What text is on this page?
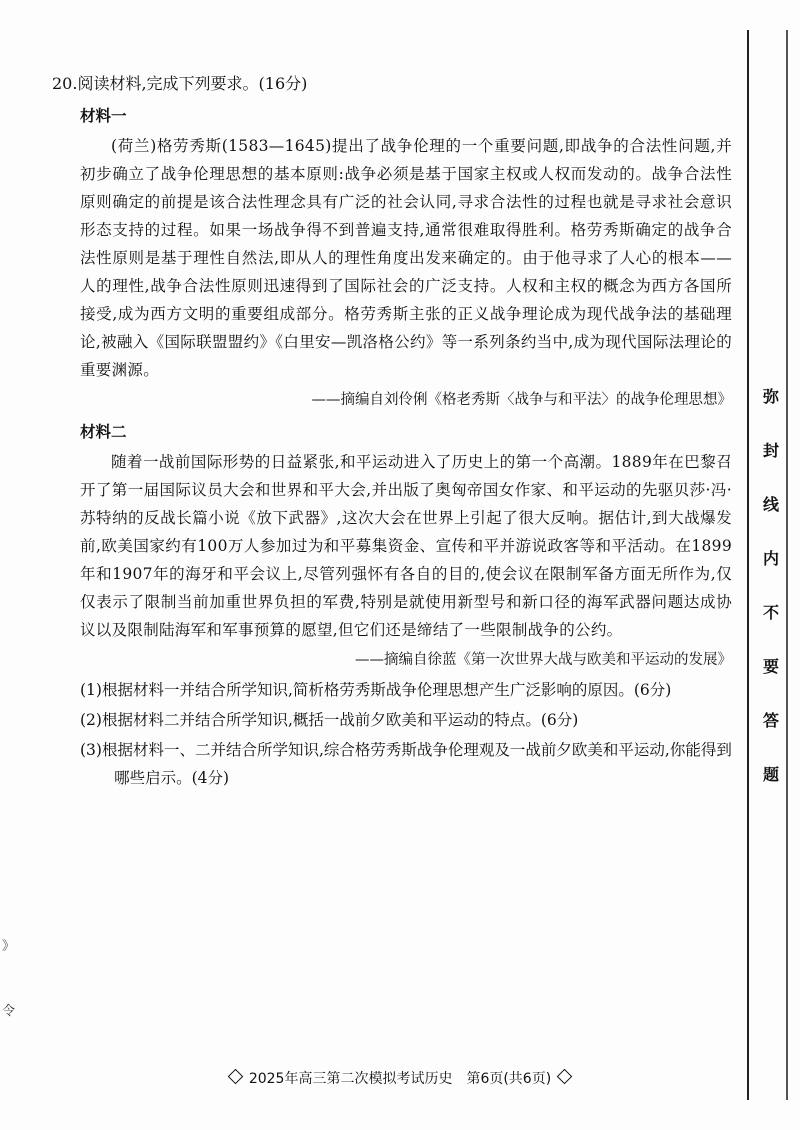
20.阅读材料,完成下列要求。(16分)

材料一

(荷兰)格劳秀斯(1583—1645)提出了战争伦理的一个重要问题,即战争的合法性问题,并初步确立了战争伦理思想的基本原则:战争必须是基于国家主权或人权而发动的。战争合法性原则确定的前提是该合法性理念具有广泛的社会认同,寻求合法性的过程也就是寻求社会意识形态支持的过程。如果一场战争得不到普遍支持,通常很难取得胜利。格劳秀斯确定的战争合法性原则是基于理性自然法,即从人的理性角度出发来确定的。由于他寻求了人心的根本——人的理性,战争合法性原则迅速得到了国际社会的广泛支持。人权和主权的概念为西方各国所接受,成为西方文明的重要组成部分。格劳秀斯主张的正义战争理论成为现代战争法的基础理论,被融入《国际联盟盟约》《白里安—凯洛格公约》等一系列条约当中,成为现代国际法理论的重要渊源。

——摘编自刘伶俐《格老秀斯〈战争与和平法〉的战争伦理思想》
材料二

随着一战前国际形势的日益紧张,和平运动进入了历史上的第一个高潮。1889年在巴黎召开了第一届国际议员大会和世界和平大会,并出版了奥匈帝国女作家、和平运动的先驱贝莎·冯·苏特纳的反战长篇小说《放下武器》,这次大会在世界上引起了很大反响。据估计,到大战爆发前,欧美国家约有100万人参加过为和平募集资金、宣传和平并游说政客等和平活动。在1899年和1907年的海牙和平会议上,尽管列强怀有各自的目的,使会议在限制军备方面无所作为,仅仅表示了限制当前加重世界负担的军费,特别是就使用新型号和新口径的海军武器问题达成协议以及限制陆海军和军事预算的愿望,但它们还是缔结了一些限制战争的公约。

——摘编自徐蓝《第一次世界大战与欧美和平运动的发展》

(1)根据材料一并结合所学知识,简析格劳秀斯战争伦理思想产生广泛影响的原因。(6分)

(2)根据材料二并结合所学知识,概括一战前夕欧美和平运动的特点。(6分)

(3)根据材料一、二并结合所学知识,综合格劳秀斯战争伦理观及一战前夕欧美和平运动,你能得到哪些启示。(4分)

弥
封
线
内
不
要
答
题
》
令
2025年高三第二次模拟考试历史　第6页(共6页)
